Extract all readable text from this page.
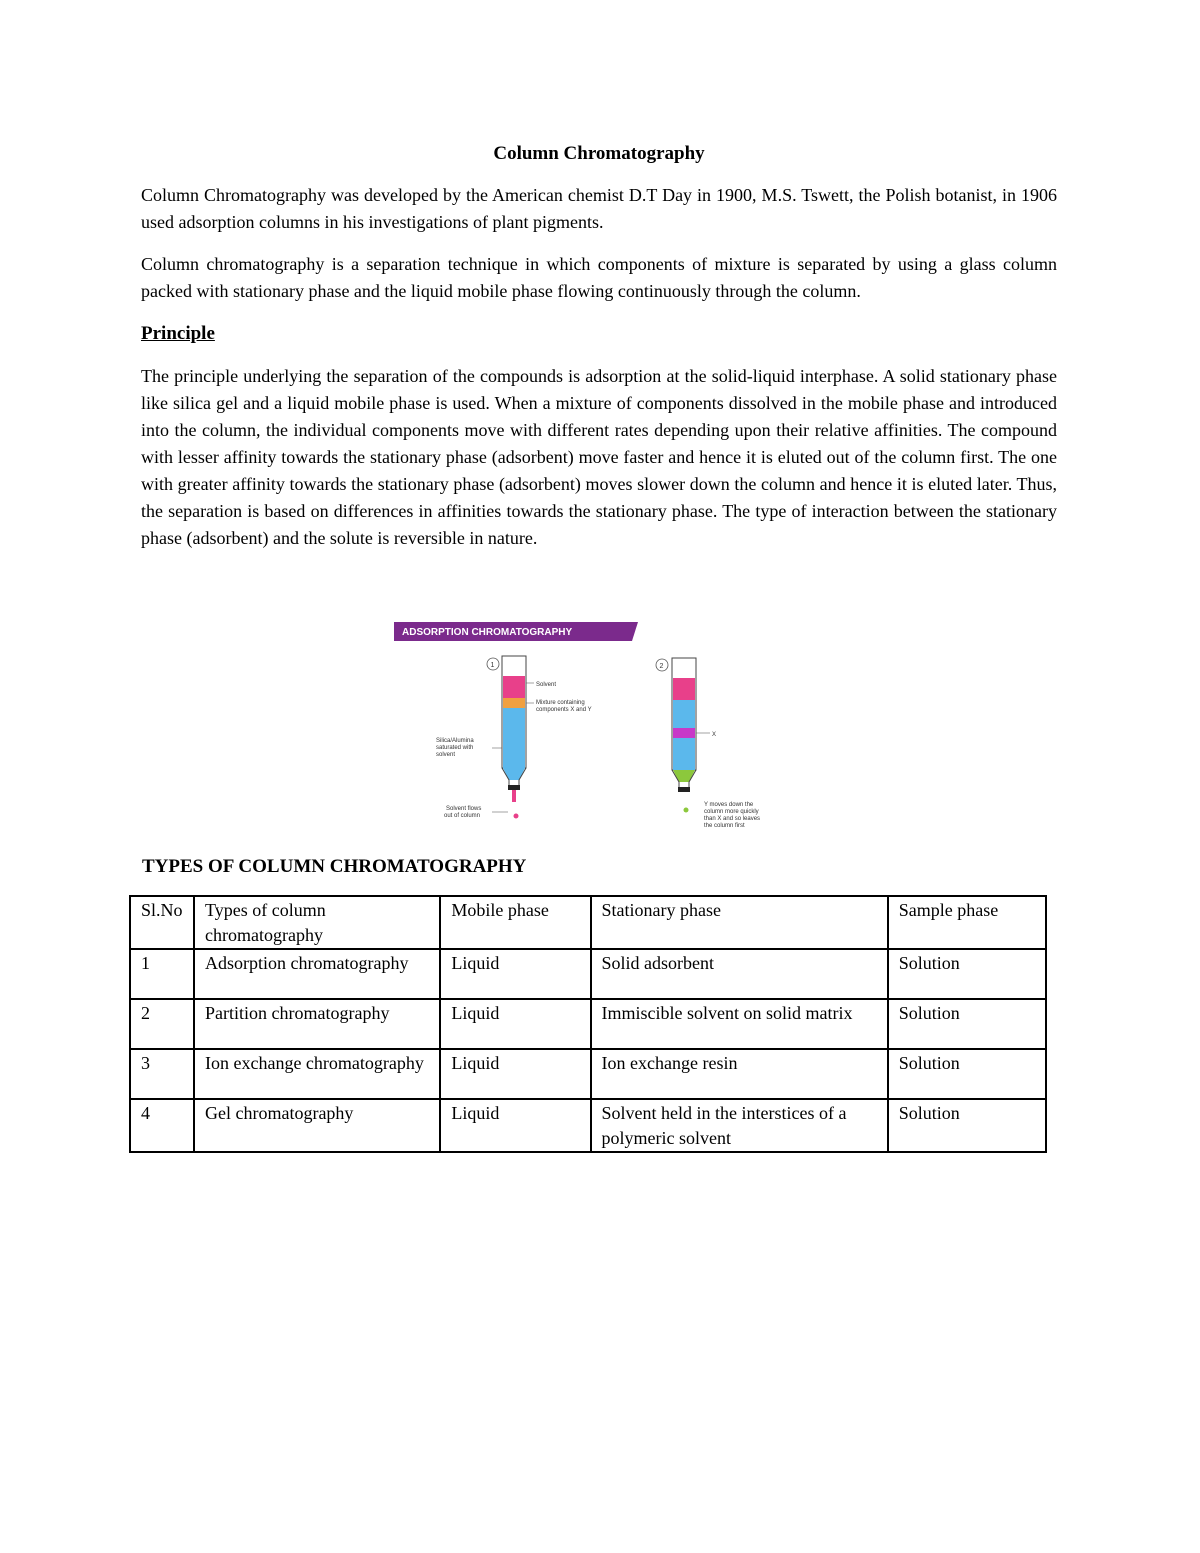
Column Chromatography

Column Chromatography was developed by the American chemist D.T Day in 1900, M.S. Tswett, the Polish botanist, in 1906 used adsorption columns in his investigations of plant pigments.

Column chromatography is a separation technique in which components of mixture is separated by using a glass column packed with stationary phase and the liquid mobile phase flowing continuously through the column.

Principle

The principle underlying the separation of the compounds is adsorption at the solid-liquid interphase. A solid stationary phase like silica gel and a liquid mobile phase is used. When a mixture of components dissolved in the mobile phase and introduced into the column, the individual components move with different rates depending upon their relative affinities. The compound with lesser affinity towards the stationary phase (adsorbent) move faster and hence it is eluted out of the column first. The one with greater affinity towards the stationary phase (adsorbent) moves slower down the column and hence it is eluted later. Thus, the separation is based on differences in affinities towards the stationary phase. The type of interaction between the stationary phase (adsorbent) and the solute is reversible in nature.

ADSORPTION CHROMATOGRAPHY
1
Solvent
Mixture containing
components X and Y
Silica/Alumina
saturated with
solvent
Solvent flows
out of column
2
X
Y moves down the
column more quickly
than X and so leaves
the column first
TYPES OF COLUMN CHROMATOGRAPHY
Sl.No	Types of column chromatography	Mobile phase	Stationary phase	Sample phase
1	Adsorption chromatography	Liquid	Solid adsorbent	Solution
2	Partition chromatography	Liquid	Immiscible solvent on solid matrix	Solution
3	Ion exchange chromatography	Liquid	Ion exchange resin	Solution
4	Gel chromatography	Liquid	Solvent held in the interstices of a polymeric solvent	Solution
